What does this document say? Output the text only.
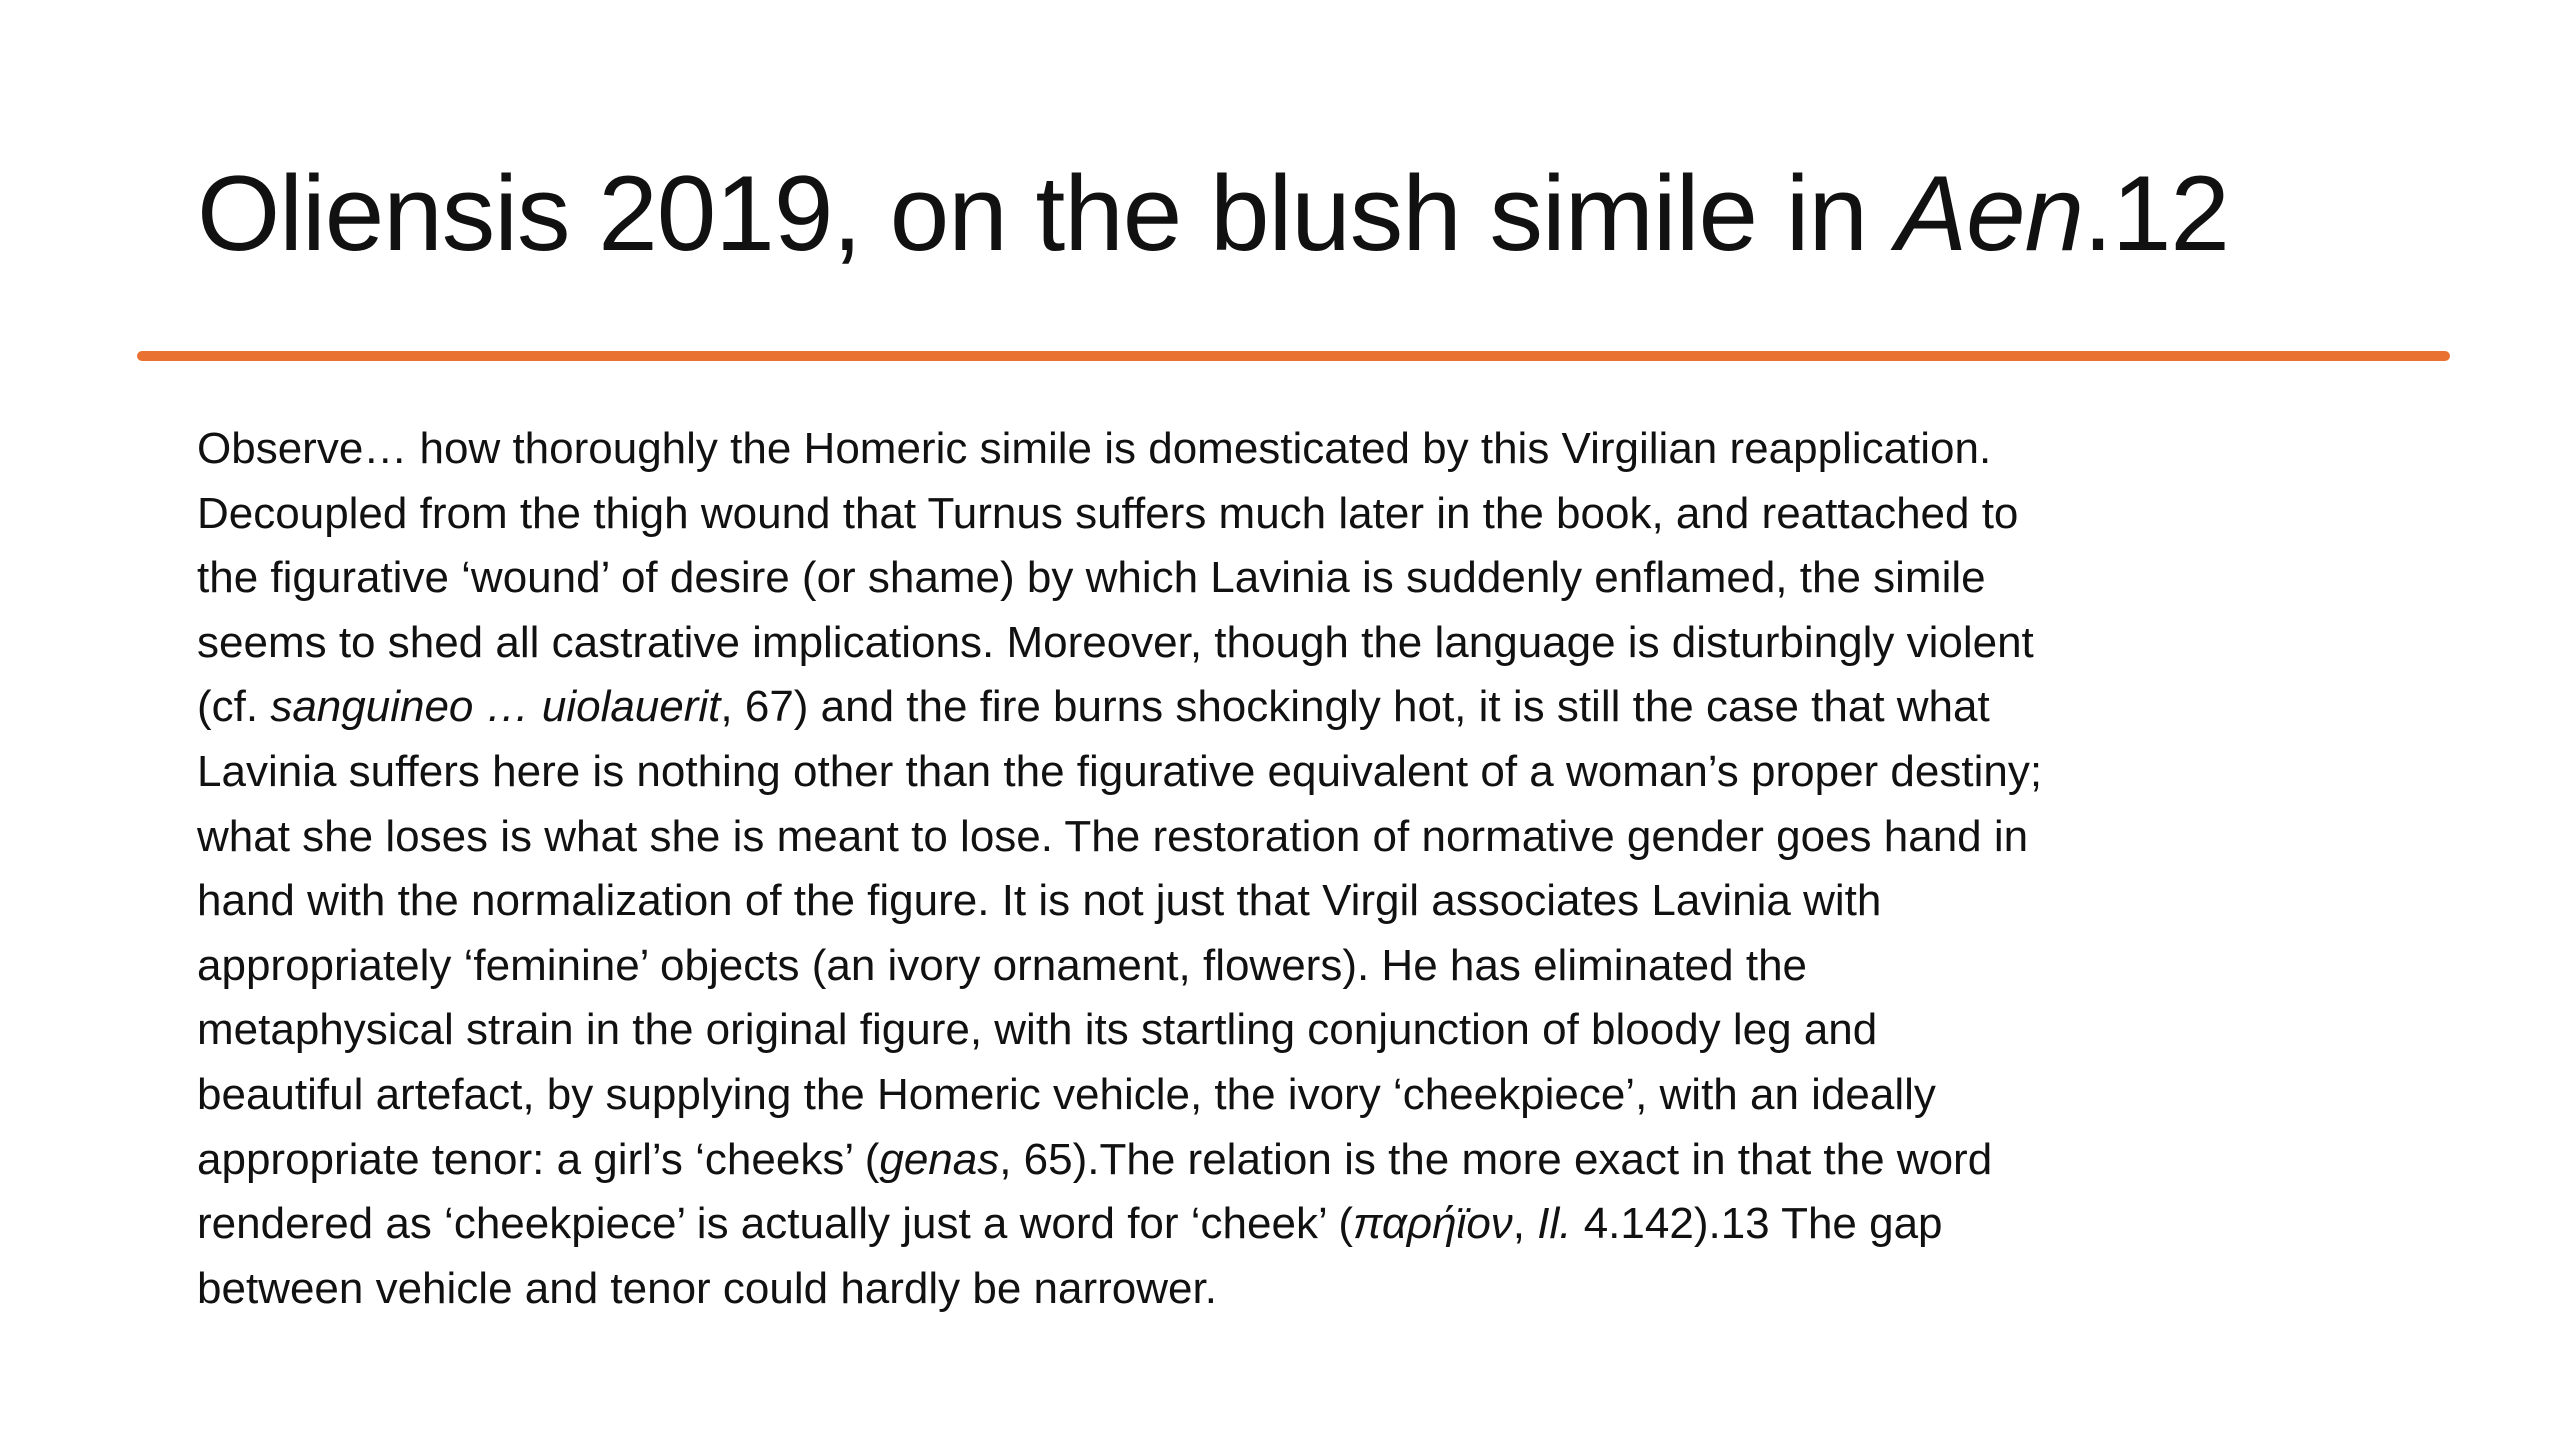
Oliensis 2019, on the blush simile in Aen.12
Observe… how thoroughly the Homeric simile is domesticated by this Virgilian reapplication.
Decoupled from the thigh wound that Turnus suffers much later in the book, and reattached to
the figurative ‘wound’ of desire (or shame) by which Lavinia is suddenly enflamed, the simile
seems to shed all castrative implications. Moreover, though the language is disturbingly violent
(cf. sanguineo … uiolauerit, 67) and the fire burns shockingly hot, it is still the case that what
Lavinia suffers here is nothing other than the figurative equivalent of a woman’s proper destiny;
what she loses is what she is meant to lose. The restoration of normative gender goes hand in
hand with the normalization of the figure. It is not just that Virgil associates Lavinia with
appropriately ‘feminine’ objects (an ivory ornament, flowers). He has eliminated the
metaphysical strain in the original figure, with its startling conjunction of bloody leg and
beautiful artefact, by supplying the Homeric vehicle, the ivory ‘cheekpiece’, with an ideally
appropriate tenor: a girl’s ‘cheeks’ (genas, 65).The relation is the more exact in that the word
rendered as ‘cheekpiece’ is actually just a word for ‘cheek’ (παρήϊον, Il. 4.142).13 The gap
between vehicle and tenor could hardly be narrower.
